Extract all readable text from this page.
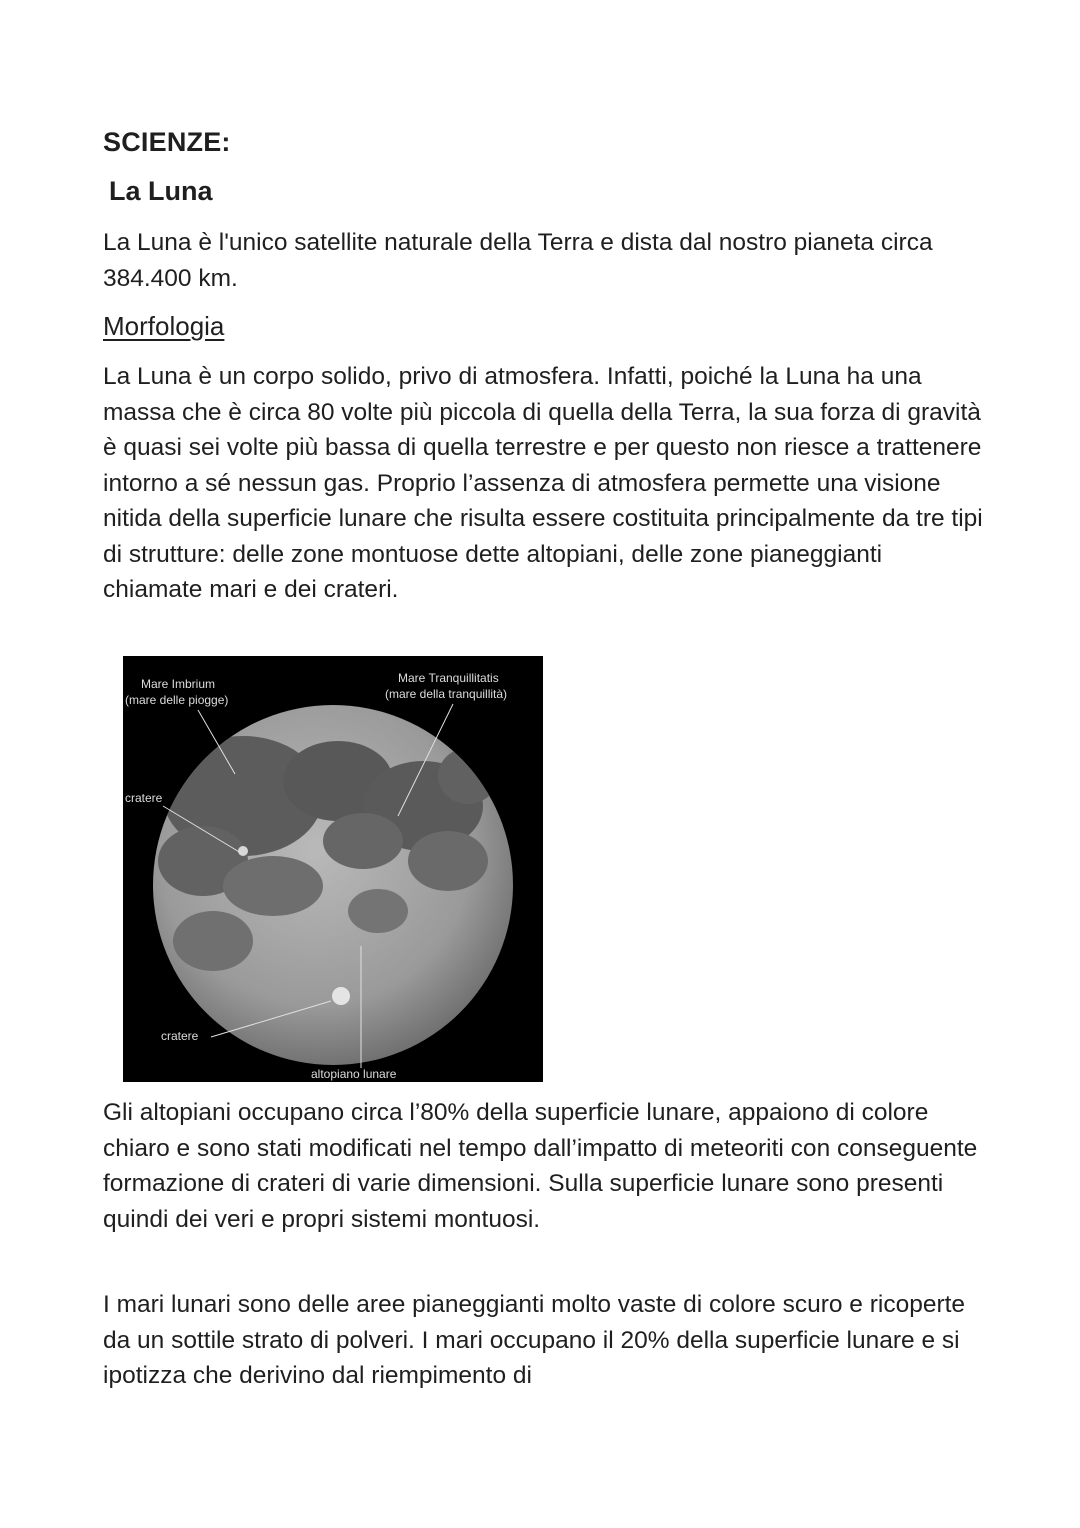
SCIENZE:
La Luna

La Luna è l'unico satellite naturale della Terra e dista dal nostro pianeta circa 384.400 km.

Morfologia

La Luna è un corpo solido, privo di atmosfera. Infatti, poiché la Luna ha una massa che è circa 80 volte più piccola di quella della Terra, la sua forza di gravità è quasi sei volte più bassa di quella terrestre e per questo non riesce a trattenere intorno a sé nessun gas. Proprio l’assenza di atmosfera permette una visione nitida della superficie lunare che risulta essere costituita principalmente da tre tipi di strutture: delle zone montuose dette altopiani, delle zone pianeggianti chiamate mari e dei crateri.

Gli altopiani occupano circa l’80% della superficie lunare, appaiono di colore chiaro e sono stati modificati nel tempo dall’impatto di meteoriti con conseguente formazione di crateri di varie dimensioni. Sulla superficie lunare sono presenti quindi dei veri e propri sistemi montuosi.

I mari lunari sono delle aree pianeggianti molto vaste di colore scuro e ricoperte da un sottile strato di polveri. I mari occupano il 20% della superficie lunare e si ipotizza che derivino dal riempimento di

Mare Imbrium
(mare delle piogge)
Mare Tranquillitatis
(mare della tranquillità)
cratere
cratere
altopiano lunare
